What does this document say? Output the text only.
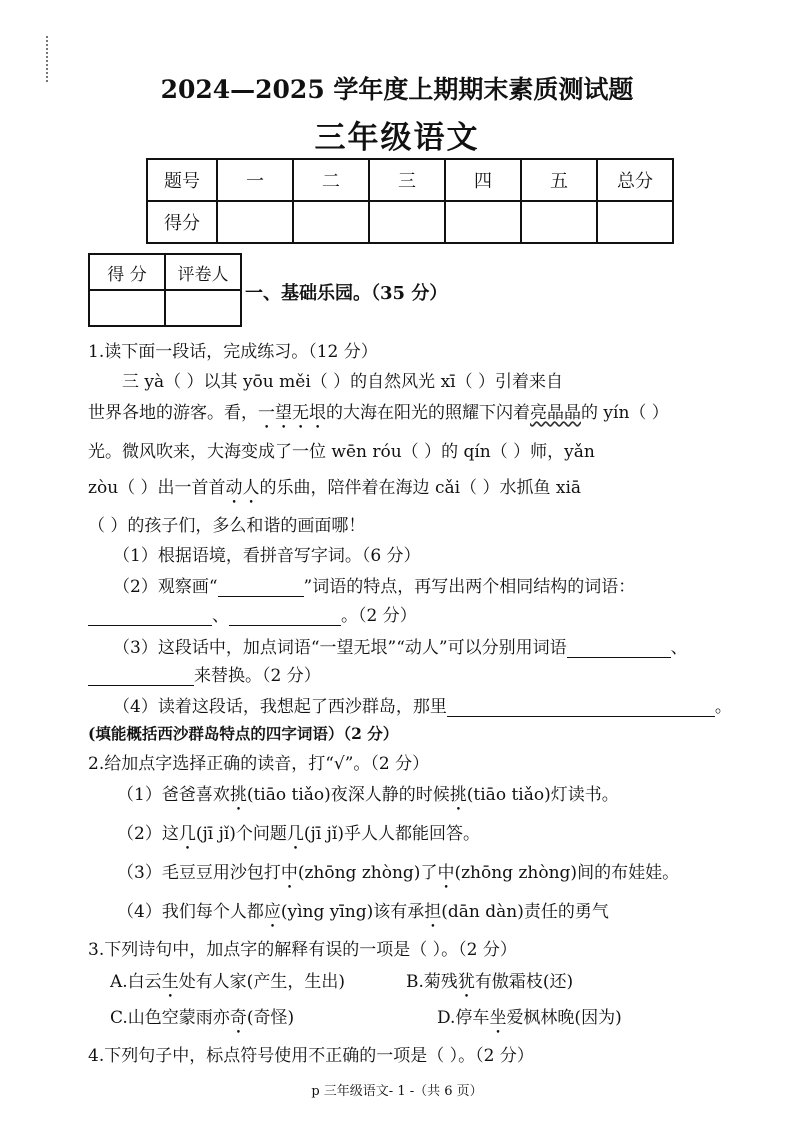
2024—2025 学年度上期期末素质测试题
三年级语文
题号	一	二	三	四	五	总分
得分						
得 分	评卷人

一、基础乐园。（35 分）
1.读下面一段话，完成练习。（12 分）
三 yà（ ）以其 yōu měi（ ）的自然风光 xī（ ）引着来自
世界各地的游客。看，一望无垠的大海在阳光的照耀下闪着亮晶晶的 yín（ ）
光。微风吹来，大海变成了一位 wēn róu（ ）的 qín（ ）师，yǎn
zòu（ ）出一首首动人的乐曲，陪伴着在海边 cǎi（ ）水抓鱼 xiā
（ ）的孩子们，多么和谐的画面哪！
（1）根据语境，看拼音写字词。（6 分）
（2）观察画“	”词语的特点，再写出两个相同结构的词语：
、	。（2 分）
（3）这段话中，加点词语“一望无垠”“动人”可以分别用词语	、
来替换。（2 分）
（4）读着这段话，我想起了西沙群岛，那里	。
(填能概括西沙群岛特点的四字词语）（2 分）
2.给加点字选择正确的读音，打“√”。（2 分）
（1）爸爸喜欢挑(tiāo tiǎo)夜深人静的时候挑(tiāo tiǎo)灯读书。
（2）这几(jī jǐ)个问题几(jī jǐ)乎人人都能回答。
（3）毛豆豆用沙包打中(zhōng zhòng)了中(zhōng zhòng)间的布娃娃。
（4）我们每个人都应(yìng yīng)该有承担(dān dàn)责任的勇气
3.下列诗句中，加点字的解释有误的一项是（ ）。（2 分）
A.白云生处有人家(产生，生出)	B.菊残犹有傲霜枝(还)
C.山色空蒙雨亦奇(奇怪)	D.停车坐爱枫林晚(因为)
4.下列句子中，标点符号使用不正确的一项是（ ）。（2 分）
p 三年级语文- 1 -（共 6 页）
